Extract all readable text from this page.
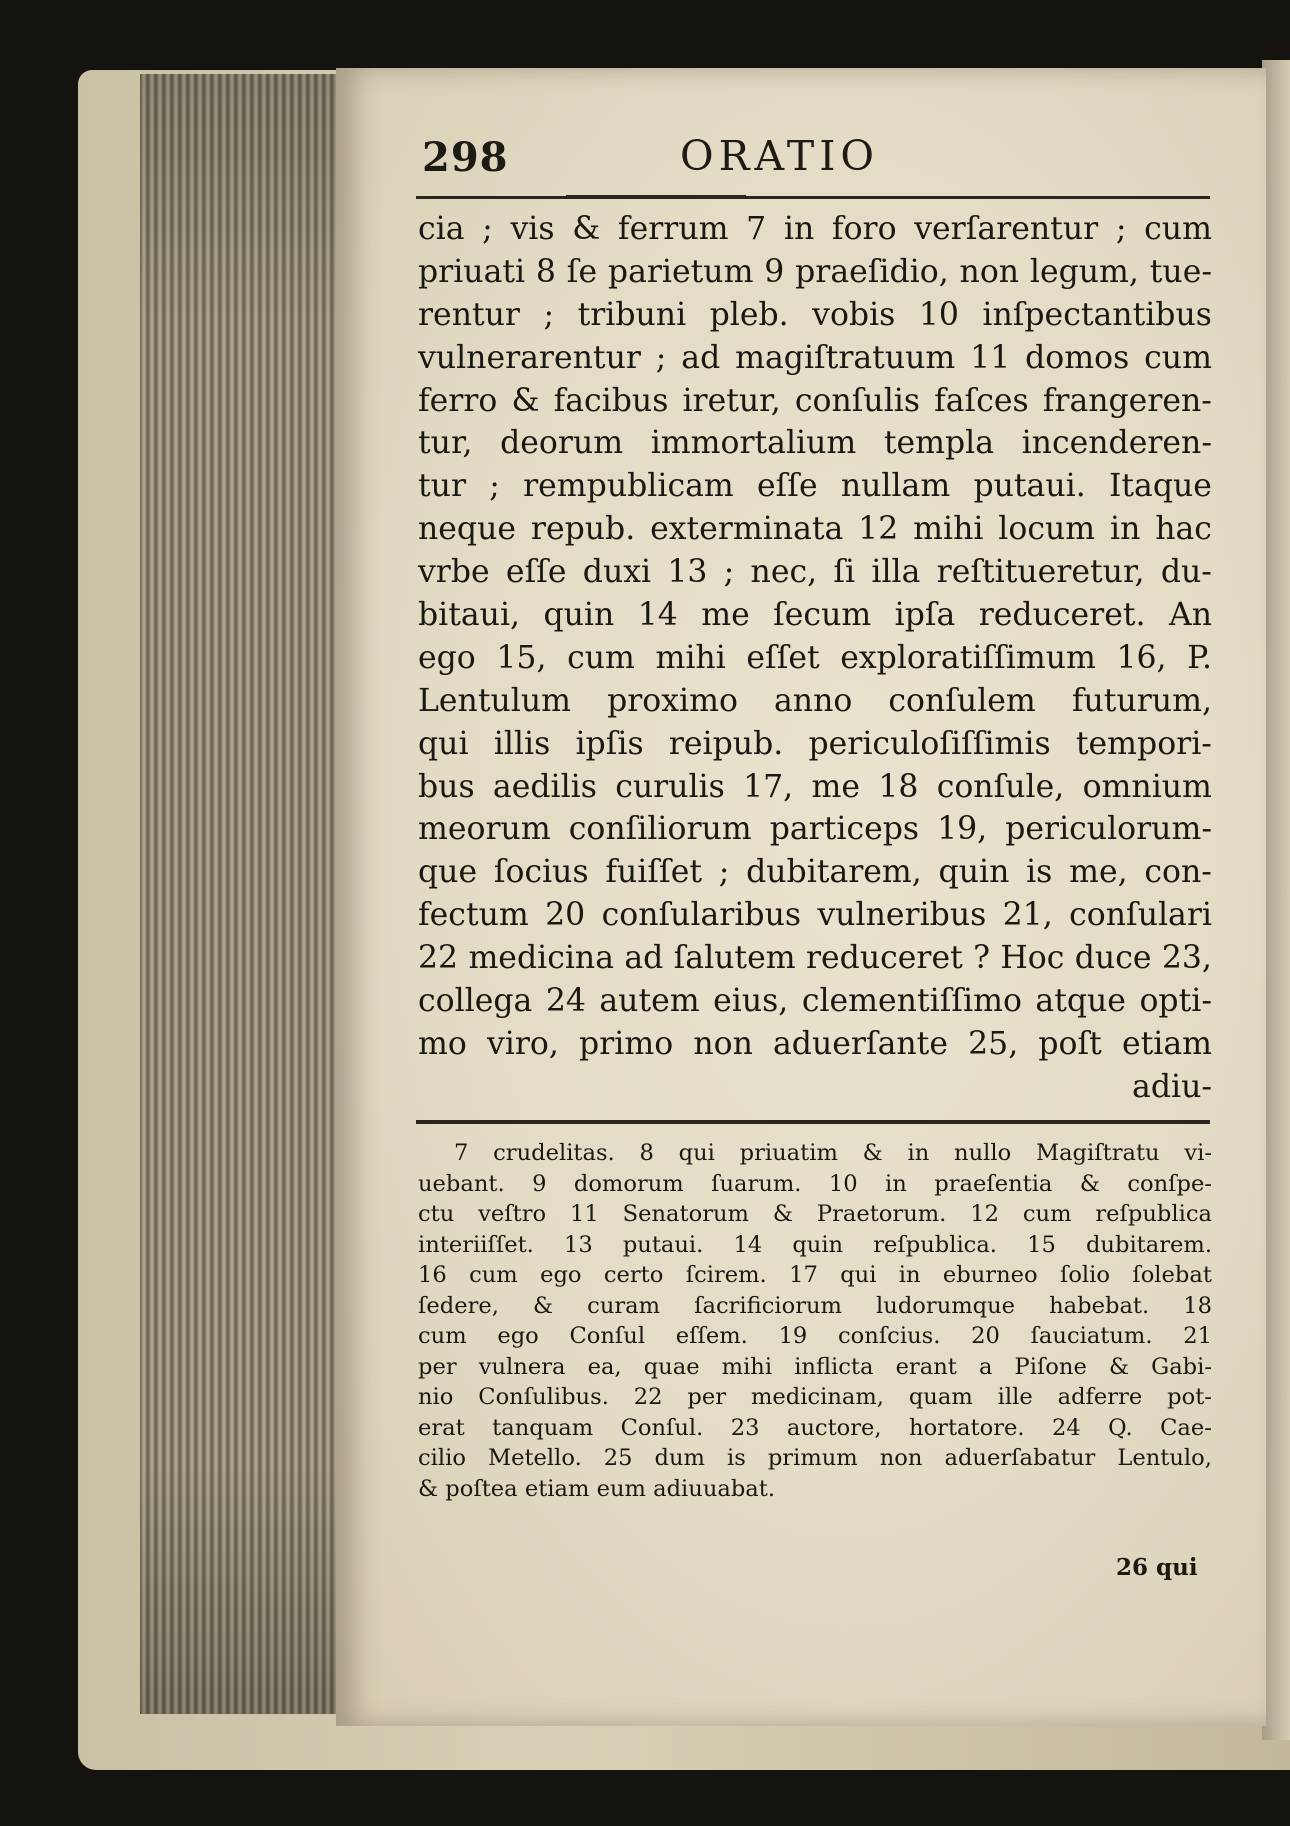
298	ORATIO
cia ; vis & ferrum 7 in foro verſarentur ; cum
priuati 8 ſe parietum 9 praeſidio, non legum, tue-
rentur ; tribuni pleb. vobis 10 inſpectantibus
vulnerarentur ; ad magiſtratuum 11 domos cum
ferro & facibus iretur, conſulis faſces frangeren-
tur, deorum immortalium templa incenderen-
tur ; rempublicam eſſe nullam putaui. Itaque
neque repub. exterminata 12 mihi locum in hac
vrbe eſſe duxi 13 ; nec, ſi illa reſtitueretur, du-
bitaui, quin 14 me ſecum ipſa reduceret. An
ego 15, cum mihi eſſet exploratiſſimum 16, P.
Lentulum proximo anno conſulem futurum,
qui illis ipſis reipub. periculoſiſſimis tempori-
bus aedilis curulis 17, me 18 conſule, omnium
meorum conſiliorum particeps 19, periculorum-
que ſocius fuiſſet ; dubitarem, quin is me, con-
fectum 20 conſularibus vulneribus 21, conſulari
22 medicina ad ſalutem reduceret ? Hoc duce 23,
collega 24 autem eius, clementiſſimo atque opti-
mo viro, primo non aduerſante 25, poſt etiam
adiu-
7 crudelitas. 8 qui priuatim & in nullo Magiſtratu vi-
uebant. 9 domorum ſuarum. 10 in praeſentia & conſpe-
ctu veſtro 11 Senatorum & Praetorum. 12 cum reſpublica
interiiſſet. 13 putaui. 14 quin reſpublica. 15 dubitarem.
16 cum ego certo ſcirem. 17 qui in eburneo ſolio ſolebat
ſedere, & curam ſacrificiorum ludorumque habebat. 18
cum ego Conſul eſſem. 19 conſcius. 20 ſauciatum. 21
per vulnera ea, quae mihi inflicta erant a Piſone & Gabi-
nio Conſulibus. 22 per medicinam, quam ille adferre pot-
erat tanquam Conſul. 23 auctore, hortatore. 24 Q. Cae-
cilio Metello. 25 dum is primum non aduerſabatur Lentulo,
& poſtea etiam eum adiuuabat.
26 qui
